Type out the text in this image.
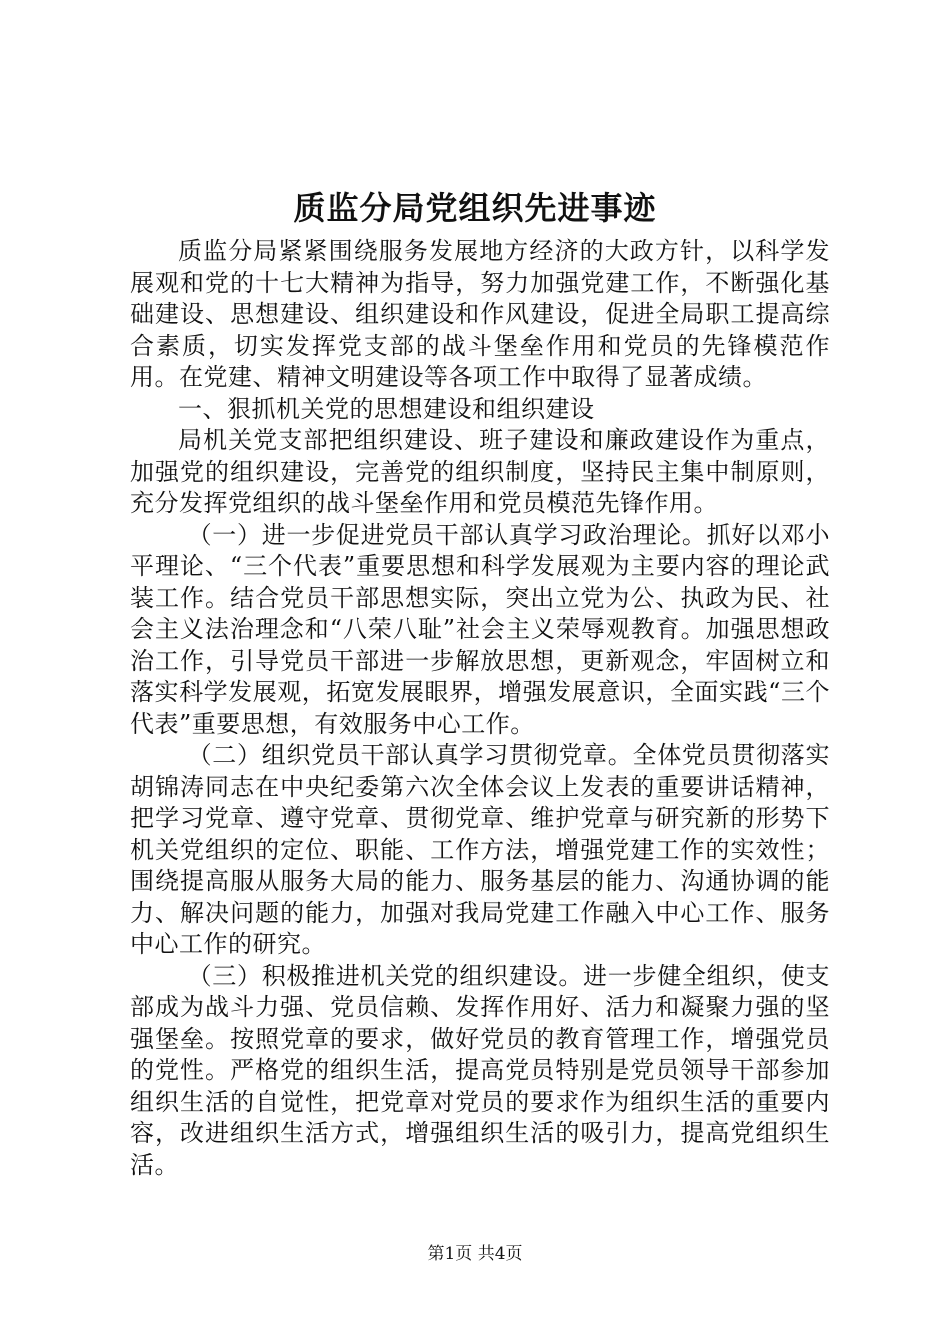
质监分局党组织先进事迹

质监分局紧紧围绕服务发展地方经济的大政方针，以科学发展观和党的十七大精神为指导，努力加强党建工作，不断强化基础建设、思想建设、组织建设和作风建设，促进全局职工提高综合素质，切实发挥党支部的战斗堡垒作用和党员的先锋模范作用。在党建、精神文明建设等各项工作中取得了显著成绩。

一、狠抓机关党的思想建设和组织建设

局机关党支部把组织建设、班子建设和廉政建设作为重点，加强党的组织建设，完善党的组织制度，坚持民主集中制原则，充分发挥党组织的战斗堡垒作用和党员模范先锋作用。

（一）进一步促进党员干部认真学习政治理论。抓好以邓小平理论、“三个代表”重要思想和科学发展观为主要内容的理论武装工作。结合党员干部思想实际，突出立党为公、执政为民、社会主义法治理念和“八荣八耻”社会主义荣辱观教育。加强思想政治工作，引导党员干部进一步解放思想，更新观念，牢固树立和落实科学发展观，拓宽发展眼界，增强发展意识，全面实践“三个代表”重要思想，有效服务中心工作。

（二）组织党员干部认真学习贯彻党章。全体党员贯彻落实胡锦涛同志在中央纪委第六次全体会议上发表的重要讲话精神，把学习党章、遵守党章、贯彻党章、维护党章与研究新的形势下机关党组织的定位、职能、工作方法，增强党建工作的实效性；围绕提高服从服务大局的能力、服务基层的能力、沟通协调的能力、解决问题的能力，加强对我局党建工作融入中心工作、服务中心工作的研究。

（三）积极推进机关党的组织建设。进一步健全组织，使支部成为战斗力强、党员信赖、发挥作用好、活力和凝聚力强的坚强堡垒。按照党章的要求，做好党员的教育管理工作，增强党员的党性。严格党的组织生活，提高党员特别是党员领导干部参加组织生活的自觉性，把党章对党员的要求作为组织生活的重要内容，改进组织生活方式，增强组织生活的吸引力，提高党组织生活。

第1页 共4页
